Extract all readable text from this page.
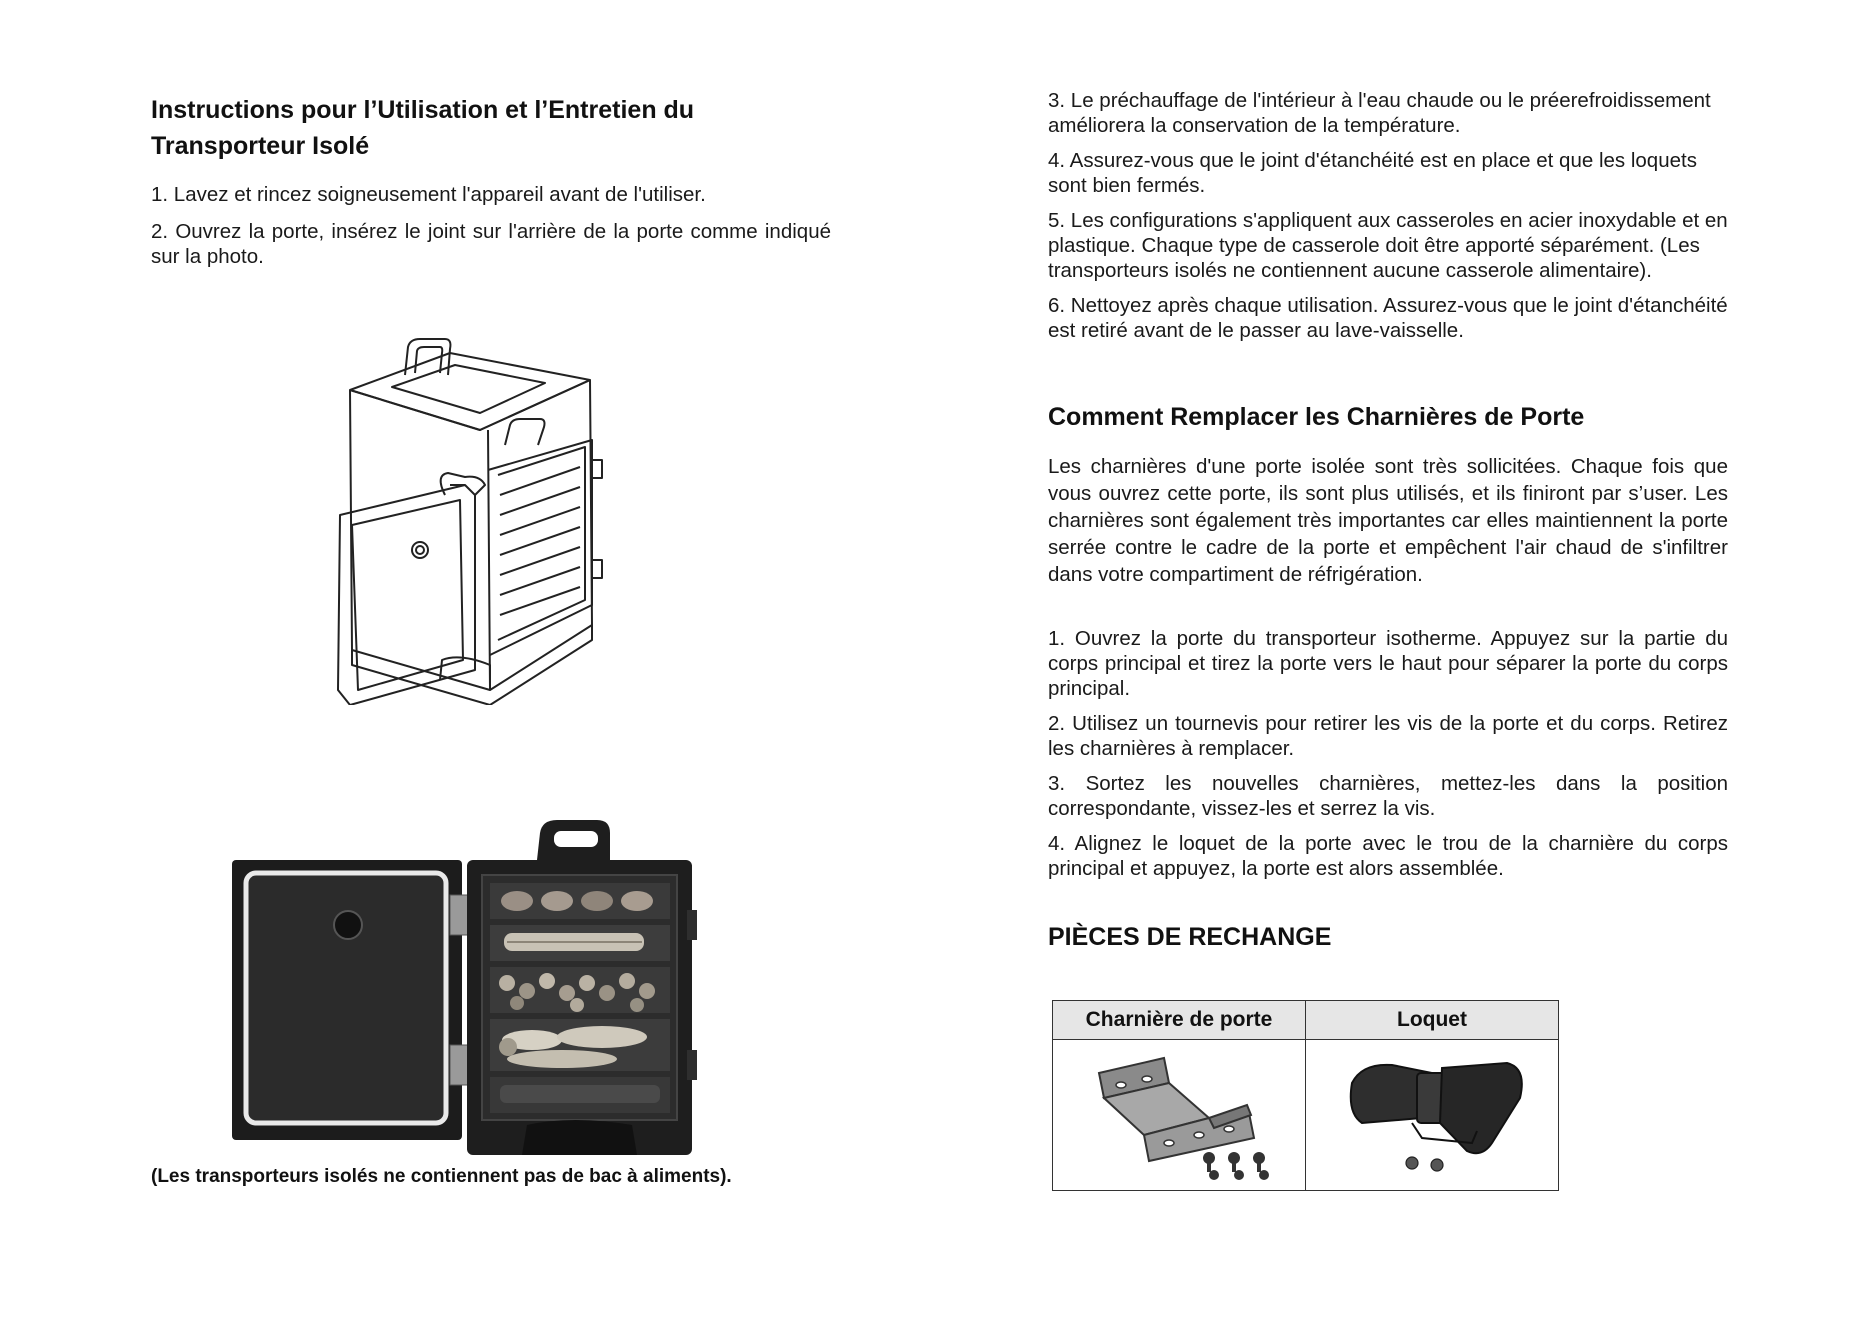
Instructions pour l’Utilisation et l’Entretien du

Transporteur Isolé

1. Lavez et rincez soigneusement l'appareil avant de l'utiliser.

2. Ouvrez la porte, insérez le joint sur l'arrière de la porte comme indiqué sur la photo.

(Les transporteurs isolés ne contiennent pas de bac à aliments).

3. Le préchauffage de l'intérieur à l'eau chaude ou le préerefroidissement améliorera la conservation de la température.

4. Assurez-vous que le joint d'étanchéité est en place et que les loquets sont bien fermés.

5. Les configurations s'appliquent aux casseroles en acier inoxydable et en plastique. Chaque type de casserole doit être apporté séparément. (Les transporteurs isolés ne contiennent aucune casserole alimentaire).

6. Nettoyez après chaque utilisation. Assurez-vous que le joint d'étanchéité est retiré avant de le passer au lave-vaisselle.

Comment Remplacer les Charnières de Porte

Les charnières d'une porte isolée sont très sollicitées. Chaque fois que vous ouvrez cette porte, ils sont plus utilisés, et ils finiront par s’user. Les charnières sont également très importantes car elles maintiennent la porte serrée contre le cadre de la porte et empêchent l'air chaud de s'infiltrer dans votre compartiment de réfrigération.

1. Ouvrez la porte du transporteur isotherme. Appuyez sur la partie du corps principal et tirez la porte vers le haut pour séparer la porte du corps principal.

2. Utilisez un tournevis pour retirer les vis de la porte et du corps. Retirez les charnières à remplacer.

3. Sortez les nouvelles charnières, mettez-les dans la position correspondante, vissez-les et serrez la vis.

4. Alignez le loquet de la porte avec le trou de la charnière du corps principal et appuyez, la porte est alors assemblée.

PIÈCES DE RECHANGE

Charnière de porte	Loquet
